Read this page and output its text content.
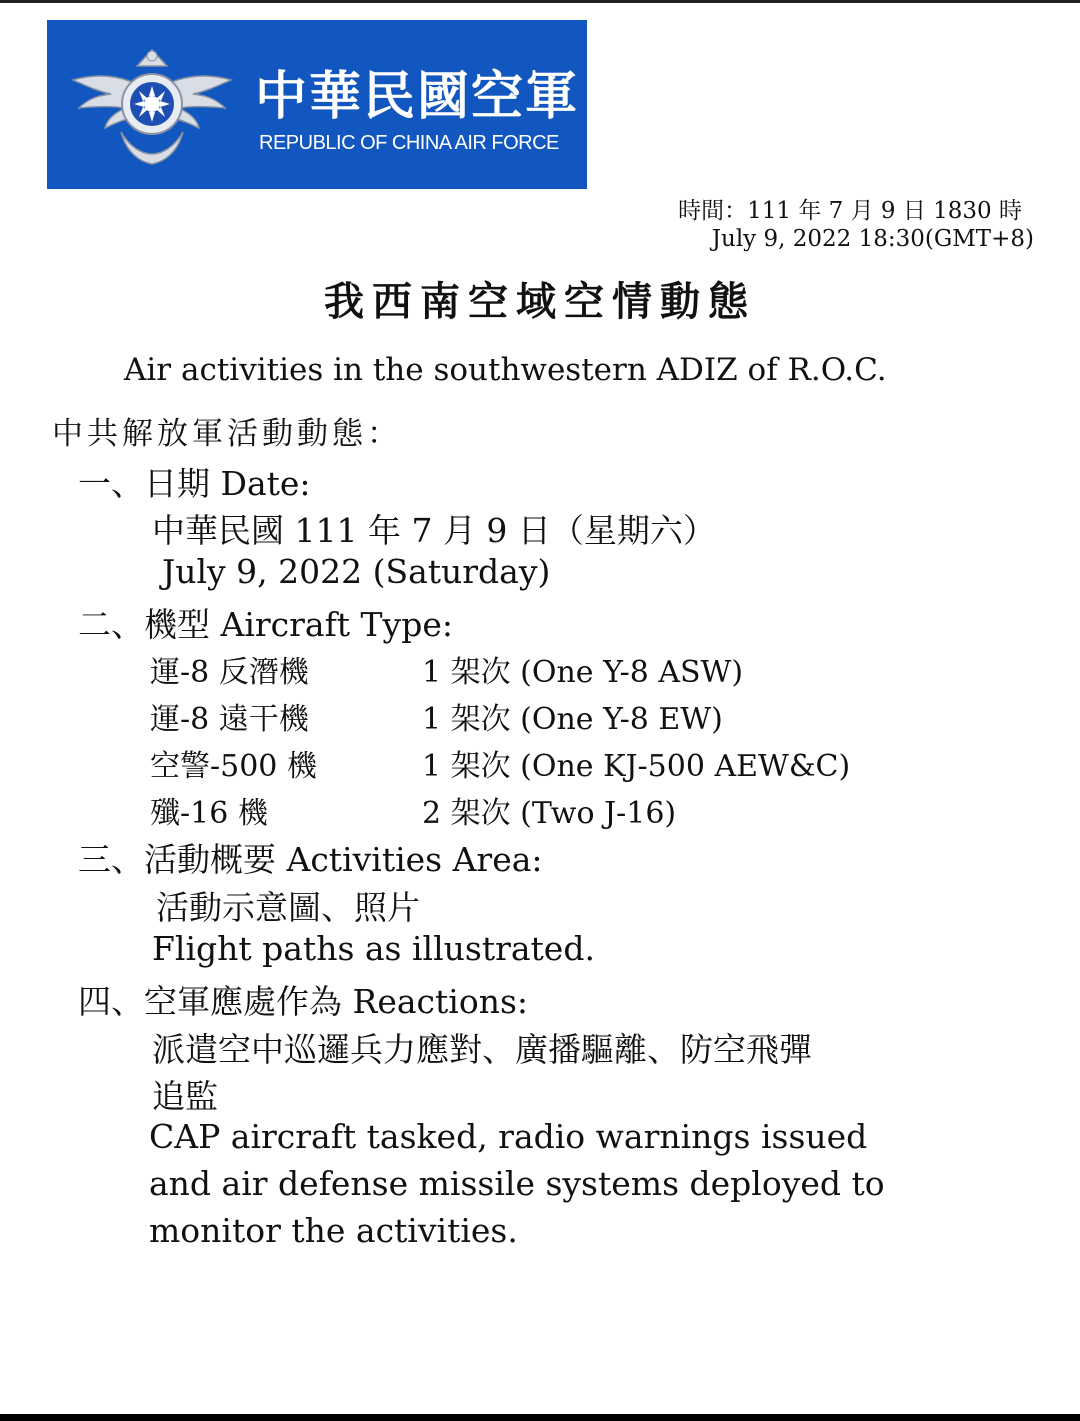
中華民國空軍
REPUBLIC OF CHINA AIR FORCE
時間：111 年 7 月 9 日 1830 時
July 9, 2022 18:30(GMT+8)
我西南空域空情動態
Air activities in the southwestern ADIZ of R.O.C.
中共解放軍活動動態：
一、日期 Date:
中華民國 111 年 7 月 9 日（星期六）
July 9, 2022 (Saturday)
二、機型 Aircraft Type:
運-8 反潛機	1 架次 (One Y-8 ASW)
運-8 遠干機	1 架次 (One Y-8 EW)
空警-500 機	1 架次 (One KJ-500 AEW&C)
殲-16 機	2 架次 (Two J-16)
三、活動概要 Activities Area:
活動示意圖、照片
Flight paths as illustrated.
四、空軍應處作為 Reactions:
派遣空中巡邏兵力應對、廣播驅離、防空飛彈
追監
CAP aircraft tasked, radio warnings issued
and air defense missile systems deployed to
monitor the activities.
